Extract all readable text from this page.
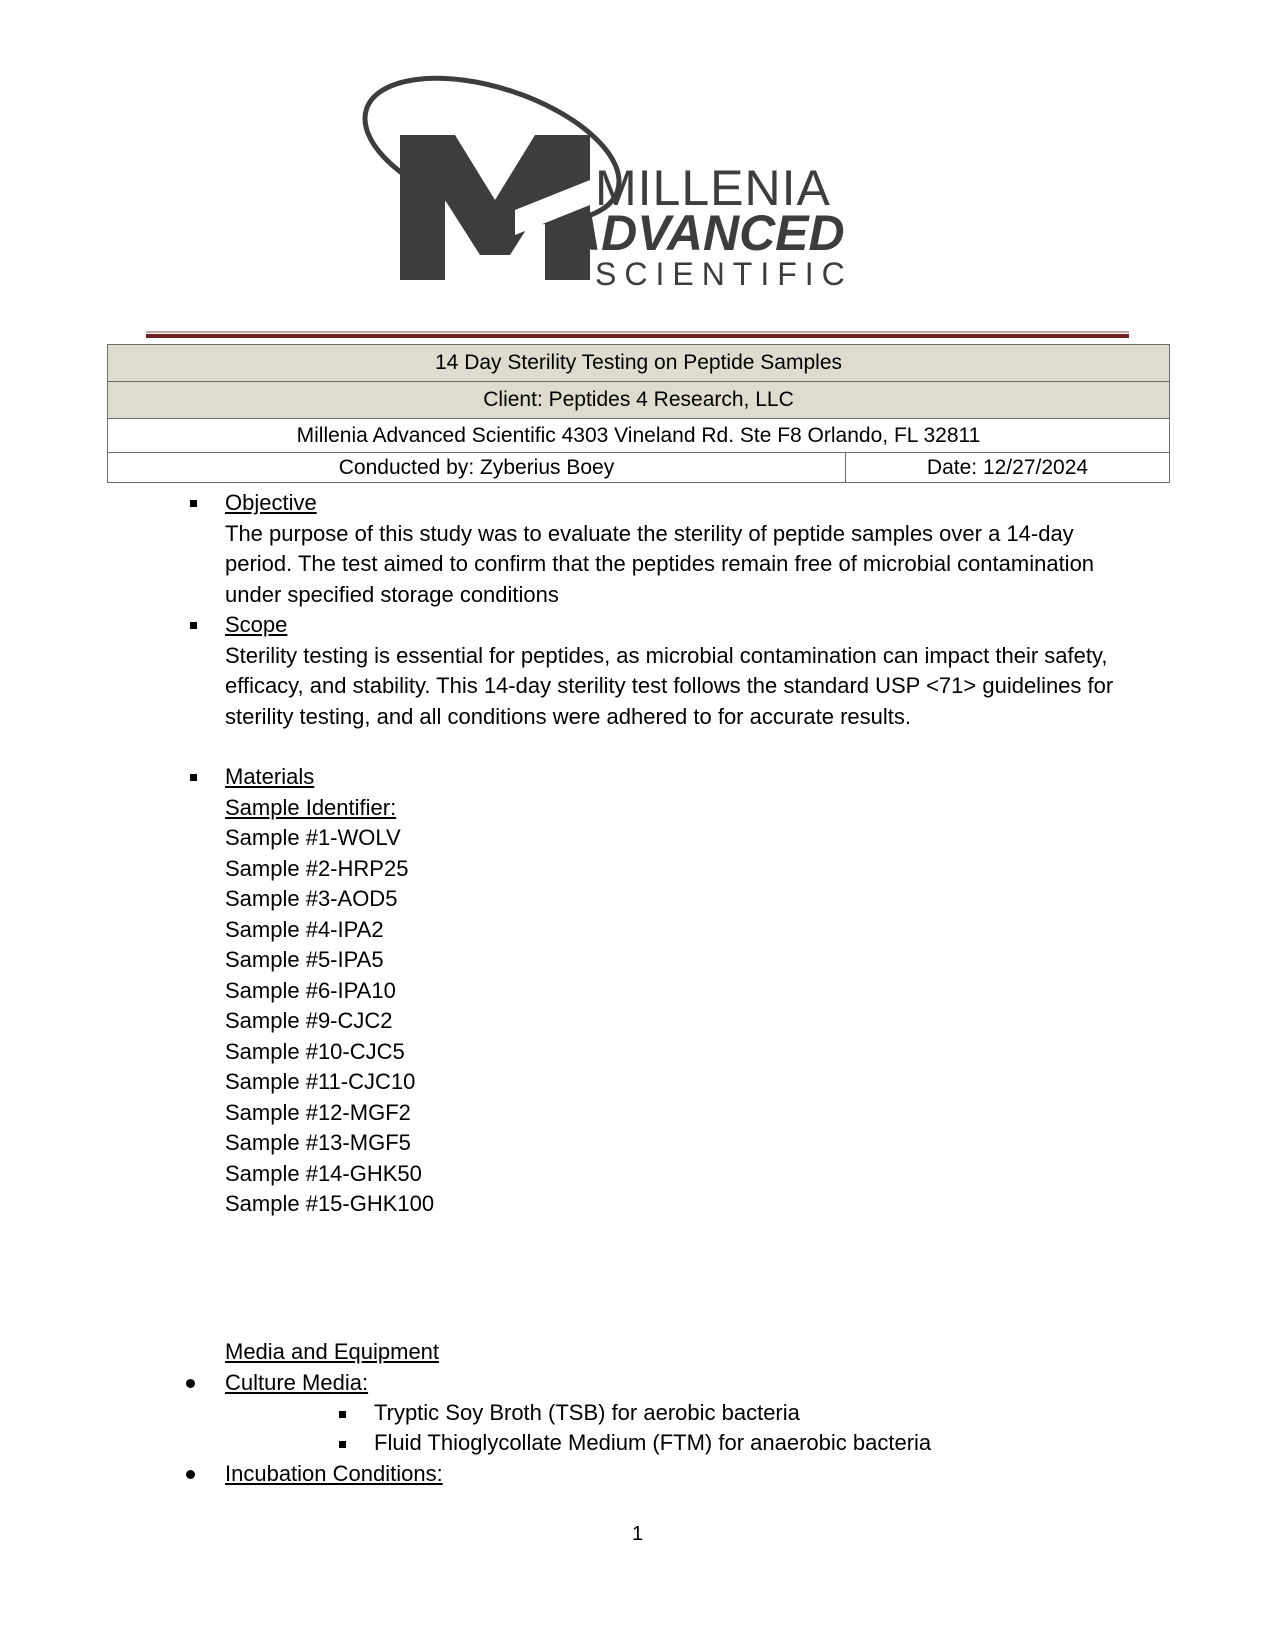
MILLENIA
ADVANCED
SCIENTIFIC
14 Day Sterility Testing on Peptide Samples
Client: Peptides 4 Research, LLC
Millenia Advanced Scientific 4303 Vineland Rd. Ste F8 Orlando, FL 32811
Conducted by: Zyberius Boey	Date: 12/27/2024
Objective
The purpose of this study was to evaluate the sterility of peptide samples over a 14-day period. The test aimed to confirm that the peptides remain free of microbial contamination under specified storage conditions
Scope
Sterility testing is essential for peptides, as microbial contamination can impact their safety, efficacy, and stability. This 14-day sterility test follows the standard USP <71> guidelines for sterility testing, and all conditions were adhered to for accurate results.
Materials
Sample Identifier:
Sample #1-WOLV
Sample #2-HRP25
Sample #3-AOD5
Sample #4-IPA2
Sample #5-IPA5
Sample #6-IPA10
Sample #9-CJC2
Sample #10-CJC5
Sample #11-CJC10
Sample #12-MGF2
Sample #13-MGF5
Sample #14-GHK50
Sample #15-GHK100
Media and Equipment
Culture Media:
Tryptic Soy Broth (TSB) for aerobic bacteria
Fluid Thioglycollate Medium (FTM) for anaerobic bacteria
Incubation Conditions:
1
